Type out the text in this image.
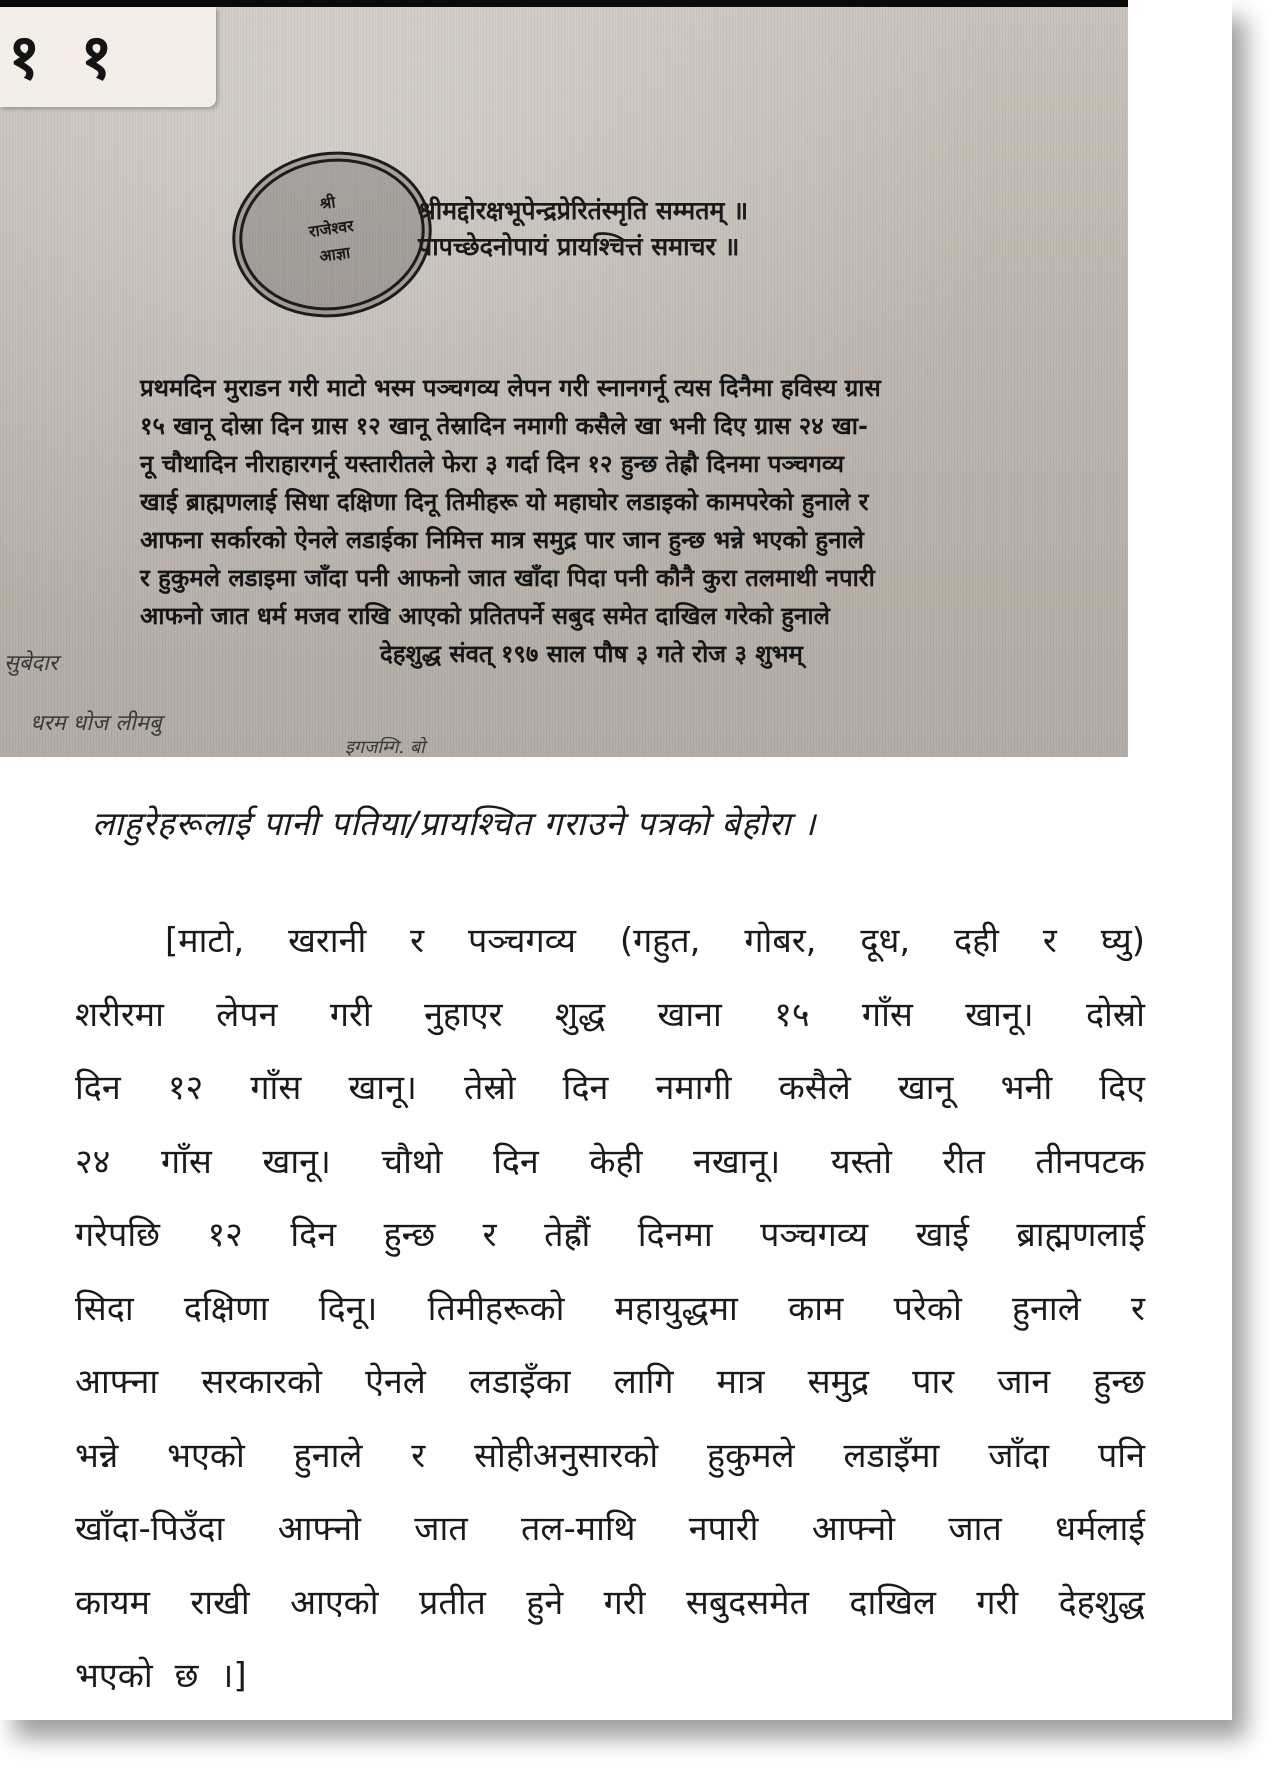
११
श्री
राजेश्वर
आज्ञा
श्रीमद्दोरक्षभूपेन्द्रप्रेरितंस्मृति सम्मतम् ॥
पापच्छेदनोपायं प्रायश्चित्तं समाचर ॥
प्रथमदिन मुराडन गरी माटो भस्म पञ्चगव्य लेपन गरी स्नानगर्नू त्यस दिनैमा हविस्य ग्रास
१५ खानू दोस्रा दिन ग्रास १२ खानू तेस्रादिन नमागी कसैले खा भनी दिए ग्रास २४ खा-
नू चौथादिन नीराहारगर्नू यस्तारीतले फेरा ३ गर्दा दिन १२ हुन्छ तेह्रौ दिनमा पञ्चगव्य
खाई ब्राह्मणलाई सिधा दक्षिणा दिनू तिमीहरू यो महाघोर लडाइको कामपरेको हुनाले र
आफना सर्कारको ऐनले लडाईका निमित्त मात्र समुद्र पार जान हुन्छ भन्ने भएको हुनाले
र हुकुमले लडाइमा जाँदा पनी आफनो जात खाँदा पिदा पनी कौनै कुरा तलमाथी नपारी
आफनो जात धर्म मजव राखि आएको प्रतितपर्ने सबुद समेत दाखिल गरेको हुनाले
देहशुद्ध संवत् १९७ साल पौष ३ गते रोज ३ शुभम्
सुबेदार
धरम धोज लीमबु
इगजम्गि. बो
लाहुरेहरूलाई पानी पतिया/प्रायश्चित गराउने पत्रको बेहोरा ।
[माटो, खरानी र पञ्चगव्य (गहुत, गोबर, दूध, दही र घ्यु)
शरीरमा लेपन गरी नुहाएर शुद्ध खाना १५ गाँस खानू। दोस्रो
दिन १२ गाँस खानू। तेस्रो दिन नमागी कसैले खानू भनी दिए
२४ गाँस खानू। चौथो दिन केही नखानू। यस्तो रीत तीनपटक
गरेपछि १२ दिन हुन्छ र तेह्रौं दिनमा पञ्चगव्य खाई ब्राह्मणलाई
सिदा दक्षिणा दिनू। तिमीहरूको महायुद्धमा काम परेको हुनाले र
आफ्ना सरकारको ऐनले लडाइँका लागि मात्र समुद्र पार जान हुन्छ
भन्ने भएको हुनाले र सोहीअनुसारको हुकुमले लडाइँमा जाँदा पनि
खाँदा-पिउँदा आफ्नो जात तल-माथि नपारी आफ्नो जात धर्मलाई
कायम राखी आएको प्रतीत हुने गरी सबुदसमेत दाखिल गरी देहशुद्ध
भएको छ ।]
